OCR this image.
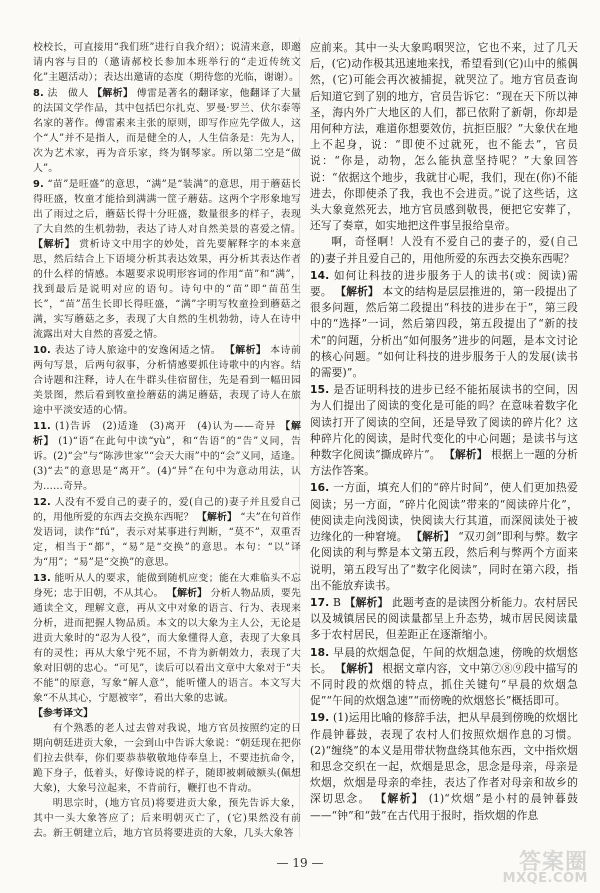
校校长，可直接用“我们班”进行自我介绍）；说清来意，即邀请内容与目的（邀请郝校长参加本班举行的“走近传统文化”主题活动）；表达出邀请的态度（期待您的光临，谢谢）。

8. 法　做人 【解析】 傅雷是著名的翻译家，他翻译了大量的法国文学作品，其中包括巴尔扎克、罗曼·罗兰、伏尔泰等名家的著作。傅雷素来主张的原则，即写作应先学做人，这个“人”并不是指人，而是健全的人，人生信条是：先为人，次为艺术家，再为音乐家，终为钢琴家。所以第二空是“做人”。

9. “苗”是旺盛”的意思，“满”是“装满”的意思，用于蘑菇长得旺盛，牧童才能拾到满满一筐子蘑菇。这两个字形象地写出了雨过之后，蘑菇长得十分旺盛，数量很多的样子，表现了大自然的生机勃勃，表达了诗人对自然美景的喜爱之情。 【解析】 赏析诗文中用字的妙处，首先要解释字的本来意思，然后结合上下语境分析其表达效果，再分析其表达作者的什么样的情感。本题要求说明形容词的作用“苗”和“满”，找到最后是说明对应的语句。诗句中的“苗”即“苗茁生长”，“苗”茁生长即长得旺盛，“满”字明写牧童捡到蘑菇之满，实写蘑菇之多，表现了大自然的生机勃勃，诗人在诗中流露出对大自然的喜爱之情。

10. 表达了诗人旅途中的安逸闲适之情。 【解析】 本诗前两句写景，后两句叙事，分析情感要抓住诗歌中的内容。结合诗题和注释，诗人在牛群头佳宿留住，先是看到一幅田园美景图，然后看到牧童捡蘑菇的满足蘑菇，表现了诗人在旅途中平淡安适的心情。

11. (1)告诉　(2)适逢　(3)离开　(4)认为——奇异 【解析】 (1)“语”在此句中读“yù”，和“告语”的“告”义同，告诉。(2)“会”与“陈涉世家”“会天大雨”中的“会”义同，适逢。(3)“去”的意思是“离开”。(4)“异”在句中为意动用法，认为……奇异。

12. 人没有不爱自己的妻子的，爱(自己的)妻子并且爱自己的，用他所爱的东西去交换东西呢？ 【解析】 “夫”在句首作发语词，读作“fú”，表示对某事进行判断，“莫不”，双重否定，相当于“都”，“易”是“交换”的意思。本句：“以”译为“用”；“易”是“交换”的意思。

13. 能听从人的要求，能做到随机应变；能在大难临头不忘身死；忠于旧朝，不从其心。 【解析】 分析人物品质，要先通读全文，理解文意，再从文中对象的语言、行为、表现来分析，进而把握人物品质。本文的以大象为主人公，无论是进贡大象时的“忍为人役”，而大象懂得人意，表现了大象具有的灵性；再从大象宁死不屈，不肯为新朝效力，表现了大象对旧朝的忠心。“可见”，读后可以看出文章中大象对于“夫不能”的原意，写象“解人意”，能听懂人的语言。本文写大象“不从其心，宁愿被宰”，看出大象的忠诚。

【参考译文】

有个熟悉的老人过去曾对我说，地方官员按照约定的日期向朝廷进贡大象，一会到山中告诉大象说：“朝廷现在把你们拉去供奉，你们要恭恭敬敬地侍奉皇上，不要违抗命令，跪下身子，低着头，好像诗说的样子，随即被刺破额头(佩想大象)，大象号泣起来，不肯前行，鞭打也不肯动。

明思宗时，(地方官员)将要进贡大象，预先告诉大象，其中一头大象答应了；后来明朝灭亡了，(它)果然没有前去。新王朝建立后，地方官员将要进贡的大象，几头大象答

应前来。其中一头大象呜咽哭泣，它也不来，过了几天后，(它)动作极其迅速地来找，希望看到(它)山中的熊偶然，(它)可能会再次被捕捉，就哭泣了。地方官员查询后知道它到了别的地方，官员告诉它：“现在天下所以神圣，海内外广大地区的人们，都已依附了新朝，你却是用何种方法，难道你想要效仿，抗拒臣服？”大象伏在地上不起身，说：“即使不过就死，也不能去”，官员说：“你是，动物，怎么能执意坚持呢？”大象回答说：“依据这个地步，我就甘心呢，我们，现在(你)不能进去，你即使杀了我，我也不会进贡。”说了这些话，这头大象竟然死去，地方官员感到敬畏，便把它安葬了，还写了奏章，如实地把这件事呈报给皇帝。

啊，奇怪啊！人没有不爱自己的妻子的，爱(自己的)妻子并且爱自己的，用他所爱的东西去交换东西呢？

14. 如何让科技的进步服务于人的读书(或：阅读)需要。 【解析】 本文的结构是层层推进的，第一段提出了很多问题，然后第二段提出“科技的进步在于”，第三段中的“选择”一词，然后第四段，第五段提出了“新的技术”的问题，分析出“如何服务”进步的问题，是本文讨论的核心问题。“如何让科技的进步服务于人的发展(读书的需要)”。

15. 是否证明科技的进步已经不能拓展读书的空间，因为人们提出了阅读的变化是可能的吗？在意味着数字化阅读打开了阅读的空间，还是导致了阅读的碎片化？这种碎片化的阅读，是时代变化的中心问题；是读书与这种数字化阅读“撕成碎片”。 【解析】 根据上一题的分析方法作答案。

16. 一方面，填充人们的“碎片时间”，使人们更加热爱阅读；另一方面，“碎片化阅读”带来的“阅读碎片化”，使阅读走向浅阅读，快阅读大行其道，而深阅读处于被边缘化的一种窘境。 【解析】 “双刃剑”即利与弊。数字化阅读的利与弊是本文第五段，然后利与弊两个方面来说明，第五段写出了“数字化阅读”，同时在第六段，指出不能放弃读书。

17. B 【解析】 此题考查的是读图分析能力。农村居民以及城镇居民的阅读量都呈上升态势，城市居民阅读量多于农村居民，但差距正在逐渐缩小。

18. 早晨的炊烟急促，午间的炊烟急速，傍晚的炊烟悠长。 【解析】 根据文章内容，文中第⑦⑧⑨段中描写的不同时段的炊烟的特点，抓住关键句“早晨的炊烟急促”“午间的炊烟急速”“而傍晚的炊烟悠长”概括即可。

19. (1)运用比喻的修辞手法，把从早晨到傍晚的炊烟比作晨钟暮鼓，表现了农村人们按照炊烟作息的习惯。(2)“缠绕”的本义是用带状物盘绕其他东西，文中指炊烟和思念交织在一起，炊烟是思念，思念是母亲，母亲是炊烟，炊烟是母亲的牵挂，表达了作者对母亲和故乡的深切思念。 【解析】 (1)“炊烟”是小村的晨钟暮鼓——“钟”和“鼓”在古代用于报时，指炊烟的作息

— 19 —	答案圈
MXQE.COM
